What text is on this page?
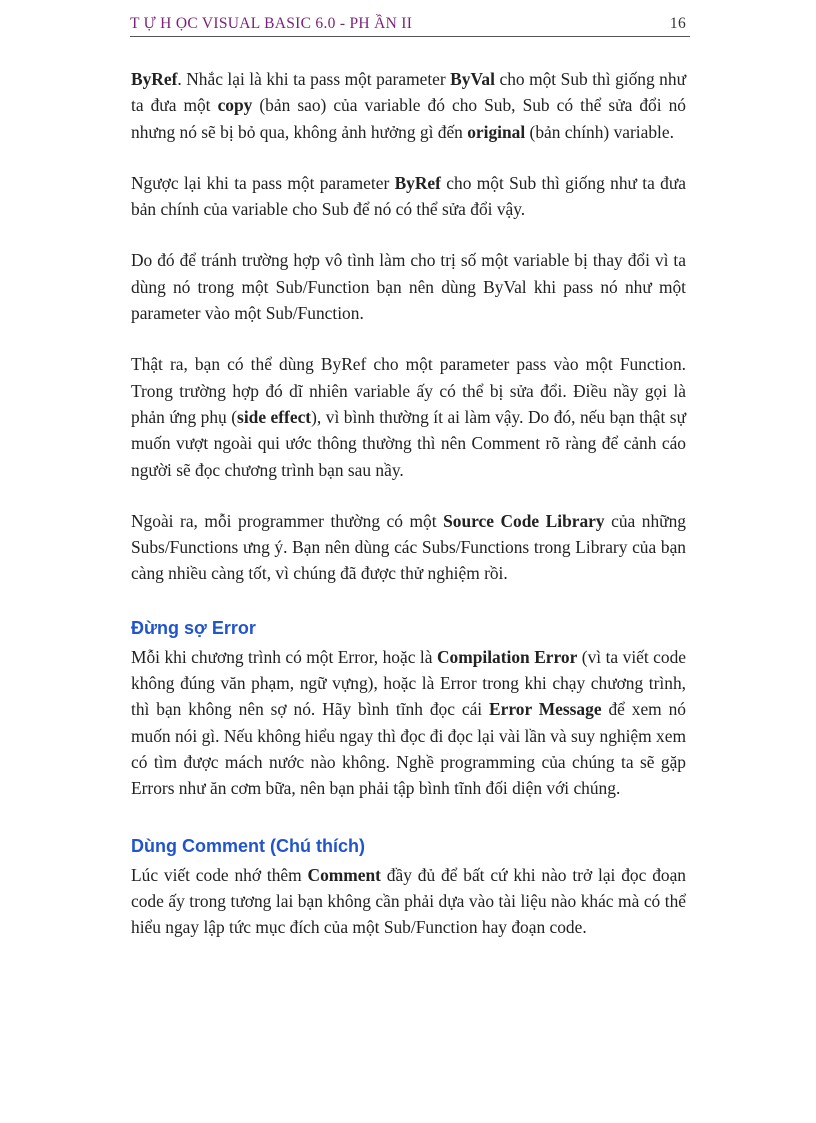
T Ự H ỌC VISUAL BASIC 6.0 - PH ẦN II	16

ByRef. Nhắc lại là khi ta pass một parameter ByVal cho một Sub thì giống như ta đưa một copy (bản sao) của variable đó cho Sub, Sub có thể sửa đổi nó nhưng nó sẽ bị bỏ qua, không ảnh hưởng gì đến original (bản chính) variable.

Ngược lại khi ta pass một parameter ByRef cho một Sub thì giống như ta đưa bản chính của variable cho Sub để nó có thể sửa đổi vậy.

Do đó để tránh trường hợp vô tình làm cho trị số một variable bị thay đổi vì ta dùng nó trong một Sub/Function bạn nên dùng ByVal khi pass nó như một parameter vào một Sub/Function.

Thật ra, bạn có thể dùng ByRef cho một parameter pass vào một Function. Trong trường hợp đó dĩ nhiên variable ấy có thể bị sửa đổi. Điều nầy gọi là phản ứng phụ (side effect), vì bình thường ít ai làm vậy. Do đó, nếu bạn thật sự muốn vượt ngoài qui ước thông thường thì nên Comment rõ ràng để cảnh cáo người sẽ đọc chương trình bạn sau nầy.

Ngoài ra, mỗi programmer thường có một Source Code Library của những Subs/Functions ưng ý. Bạn nên dùng các Subs/Functions trong Library của bạn càng nhiều càng tốt, vì chúng đã được thử nghiệm rồi.

Đừng sợ Error

Mỗi khi chương trình có một Error, hoặc là Compilation Error (vì ta viết code không đúng văn phạm, ngữ vựng), hoặc là Error trong khi chạy chương trình, thì bạn không nên sợ nó. Hãy bình tĩnh đọc cái Error Message để xem nó muốn nói gì. Nếu không hiểu ngay thì đọc đi đọc lại vài lần và suy nghiệm xem có tìm được mách nước nào không. Nghề programming của chúng ta sẽ gặp Errors như ăn cơm bữa, nên bạn phải tập bình tĩnh đối diện với chúng.

Dùng Comment (Chú thích)

Lúc viết code nhớ thêm Comment đầy đủ để bất cứ khi nào trở lại đọc đoạn code ấy trong tương lai bạn không cần phải dựa vào tài liệu nào khác mà có thể hiểu ngay lập tức mục đích của một Sub/Function hay đoạn code.
